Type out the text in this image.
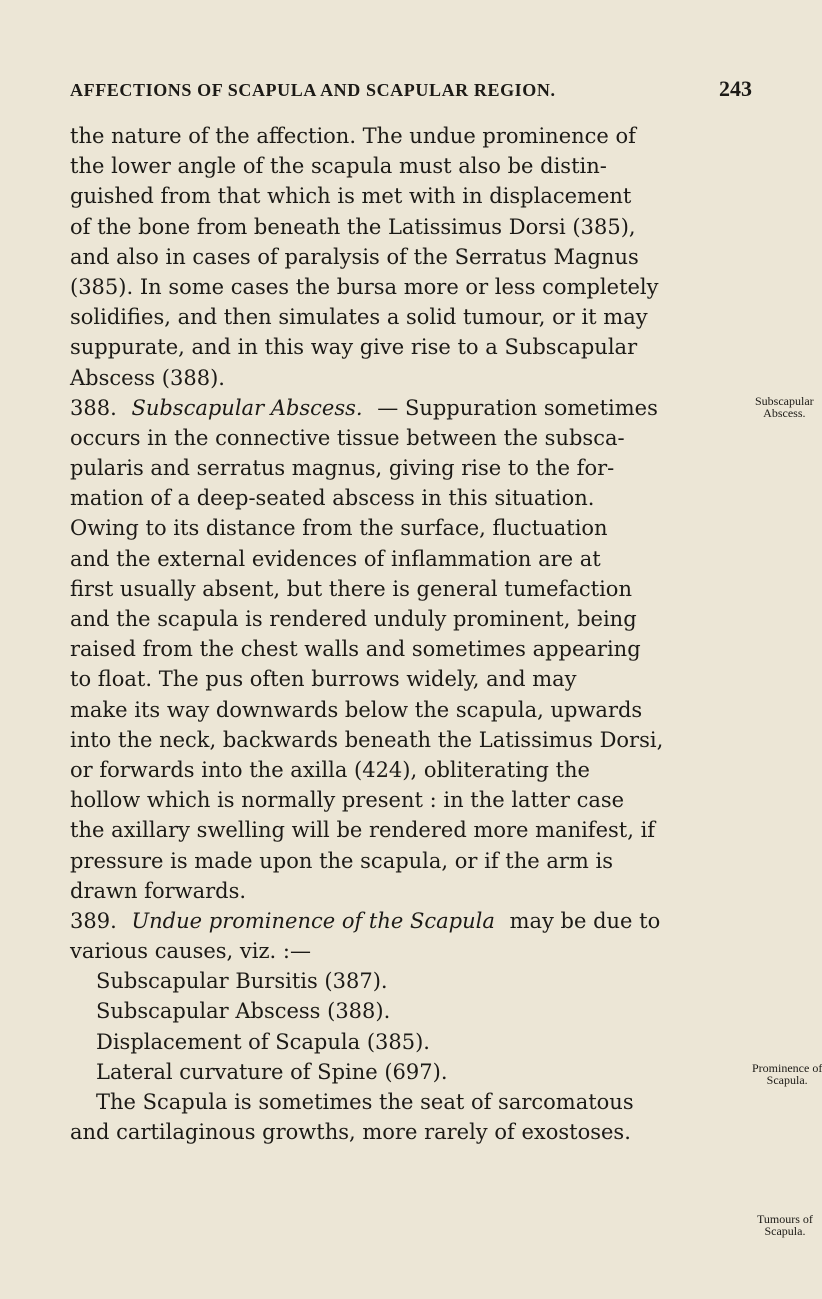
AFFECTIONS OF SCAPULA AND SCAPULAR REGION.	243
the nature of the affection. The undue prominence of
the lower angle of the scapula must also be distin-
guished from that which is met with in displacement
of the bone from beneath the Latissimus Dorsi (385),
and also in cases of paralysis of the Serratus Magnus
(385). In some cases the bursa more or less completely
solidifies, and then simulates a solid tumour, or it may
suppurate, and in this way give rise to a Subscapular
Abscess (388).
388. Subscapular Abscess. — Suppuration sometimes
occurs in the connective tissue between the subsca-
pularis and serratus magnus, giving rise to the for-
mation of a deep-seated abscess in this situation.
Owing to its distance from the surface, fluctuation
and the external evidences of inflammation are at
first usually absent, but there is general tumefaction
and the scapula is rendered unduly prominent, being
raised from the chest walls and sometimes appearing
to float. The pus often burrows widely, and may
make its way downwards below the scapula, upwards
into the neck, backwards beneath the Latissimus Dorsi,
or forwards into the axilla (424), obliterating the
hollow which is normally present : in the latter case
the axillary swelling will be rendered more manifest, if
pressure is made upon the scapula, or if the arm is
drawn forwards.
389. Undue prominence of the Scapula may be due to
various causes, viz. :—
Subscapular Bursitis (387).
Subscapular Abscess (388).
Displacement of Scapula (385).
Lateral curvature of Spine (697).
The Scapula is sometimes the seat of sarcomatous
and cartilaginous growths, more rarely of exostoses.
Subscapular
Abscess.
Prominence of
Scapula.
Tumours of
Scapula.
